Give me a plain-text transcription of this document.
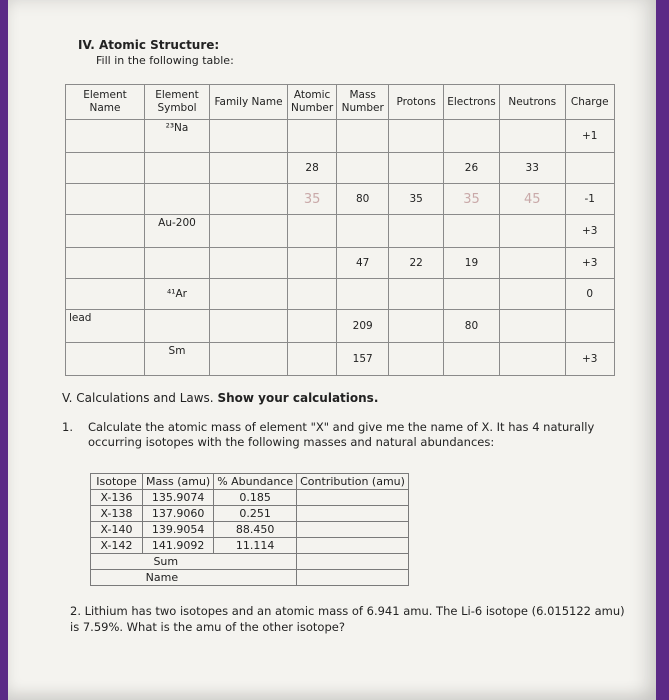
IV. Atomic Structure:
Fill in the following table:
Element Name	Element Symbol	Family Name	Atomic Number	Mass Number	Protons	Electrons	Neutrons	Charge
	²³Na							+1
			28			26	33	
			35	80	35	35	45	-1
	Au-200							+3
				47	22	19		+3
	⁴¹Ar							0
lead				209		80		
	Sm			157				+3
V. Calculations and Laws. Show your calculations.
1. Calculate the atomic mass of element "X" and give me the name of X. It has 4 naturally occurring isotopes with the following masses and natural abundances:
Isotope	Mass (amu)	% Abundance	Contribution (amu)
X-136	135.9074	0.185	
X-138	137.9060	0.251	
X-140	139.9054	88.450	
X-142	141.9092	11.114	
Sum			
Name			
2. Lithium has two isotopes and an atomic mass of 6.941 amu. The Li-6 isotope (6.015122 amu) is 7.59%. What is the amu of the other isotope?
